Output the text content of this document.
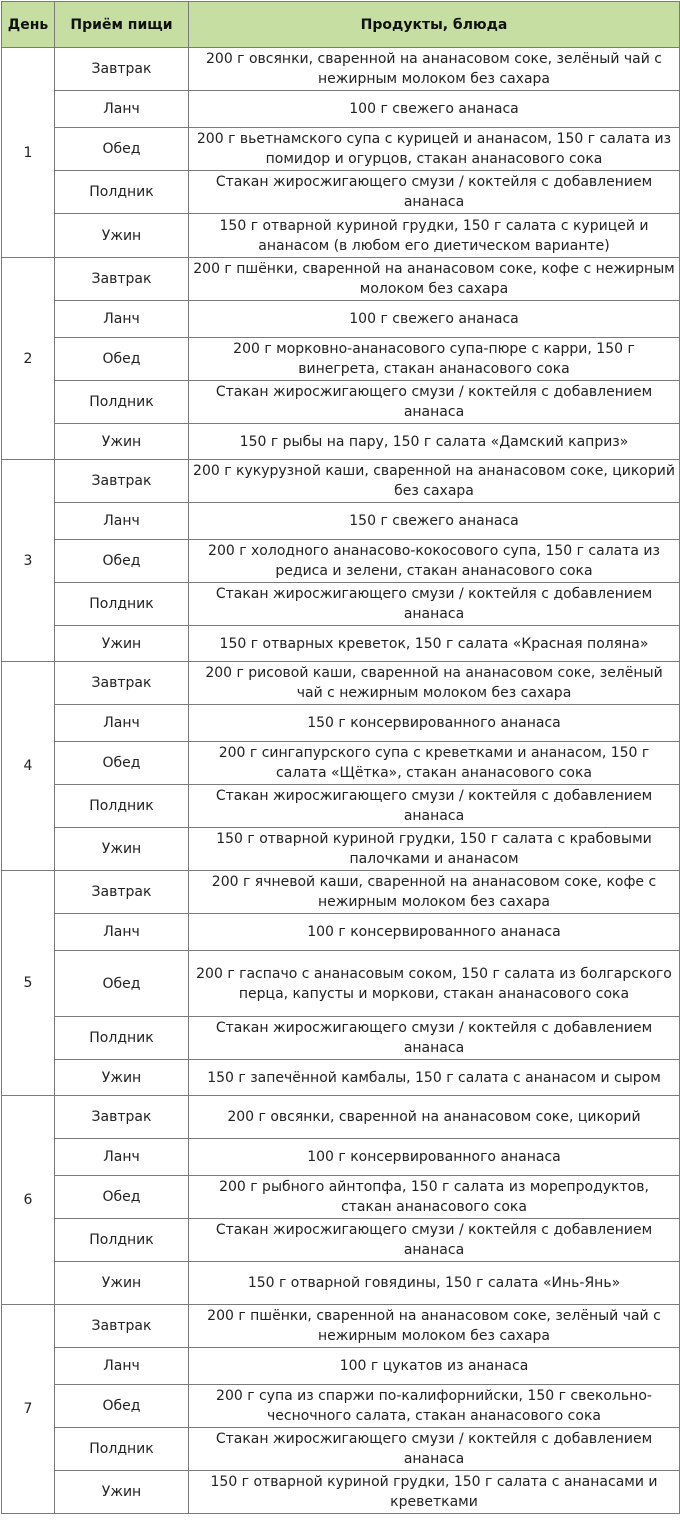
День	Приём пищи	Продукты, блюда
1	Завтрак	200 г овсянки, сваренной на ананасовом соке, зелёный чай с нежирным молоком без сахара
	Ланч	100 г свежего ананаса
	Обед	200 г вьетнамского супа с курицей и ананасом, 150 г салата из помидор и огурцов, стакан ананасового сока
	Полдник	Стакан жиросжигающего смузи / коктейля с добавлением ананаса
	Ужин	150 г отварной куриной грудки, 150 г салата с курицей и ананасом (в любом его диетическом варианте)
2	Завтрак	200 г пшёнки, сваренной на ананасовом соке, кофе с нежирным молоком без сахара
	Ланч	100 г свежего ананаса
	Обед	200 г морковно-ананасового супа-пюре с карри, 150 г винегрета, стакан ананасового сока
	Полдник	Стакан жиросжигающего смузи / коктейля с добавлением ананаса
	Ужин	150 г рыбы на пару, 150 г салата «Дамский каприз»
3	Завтрак	200 г кукурузной каши, сваренной на ананасовом соке, цикорий без сахара
	Ланч	150 г свежего ананаса
	Обед	200 г холодного ананасово-кокосового супа, 150 г салата из редиса и зелени, стакан ананасового сока
	Полдник	Стакан жиросжигающего смузи / коктейля с добавлением ананаса
	Ужин	150 г отварных креветок, 150 г салата «Красная поляна»
4	Завтрак	200 г рисовой каши, сваренной на ананасовом соке, зелёный чай с нежирным молоком без сахара
	Ланч	150 г консервированного ананаса
	Обед	200 г сингапурского супа с креветками и ананасом, 150 г салата «Щётка», стакан ананасового сока
	Полдник	Стакан жиросжигающего смузи / коктейля с добавлением ананаса
	Ужин	150 г отварной куриной грудки, 150 г салата с крабовыми палочками и ананасом
5	Завтрак	200 г ячневой каши, сваренной на ананасовом соке, кофе с нежирным молоком без сахара
	Ланч	100 г консервированного ананаса
	Обед	200 г гаспачо с ананасовым соком, 150 г салата из болгарского перца, капусты и моркови, стакан ананасового сока
	Полдник	Стакан жиросжигающего смузи / коктейля с добавлением ананаса
	Ужин	150 г запечённой камбалы, 150 г салата с ананасом и сыром
6	Завтрак	200 г овсянки, сваренной на ананасовом соке, цикорий
	Ланч	100 г консервированного ананаса
	Обед	200 г рыбного айнтопфа, 150 г салата из морепродуктов, стакан ананасового сока
	Полдник	Стакан жиросжигающего смузи / коктейля с добавлением ананаса
	Ужин	150 г отварной говядины, 150 г салата «Инь-Янь»
7	Завтрак	200 г пшёнки, сваренной на ананасовом соке, зелёный чай с нежирным молоком без сахара
	Ланч	100 г цукатов из ананаса
	Обед	200 г супа из спаржи по-калифорнийски, 150 г свекольно-чесночного салата, стакан ананасового сока
	Полдник	Стакан жиросжигающего смузи / коктейля с добавлением ананаса
	Ужин	150 г отварной куриной грудки, 150 г салата с ананасами и креветками
